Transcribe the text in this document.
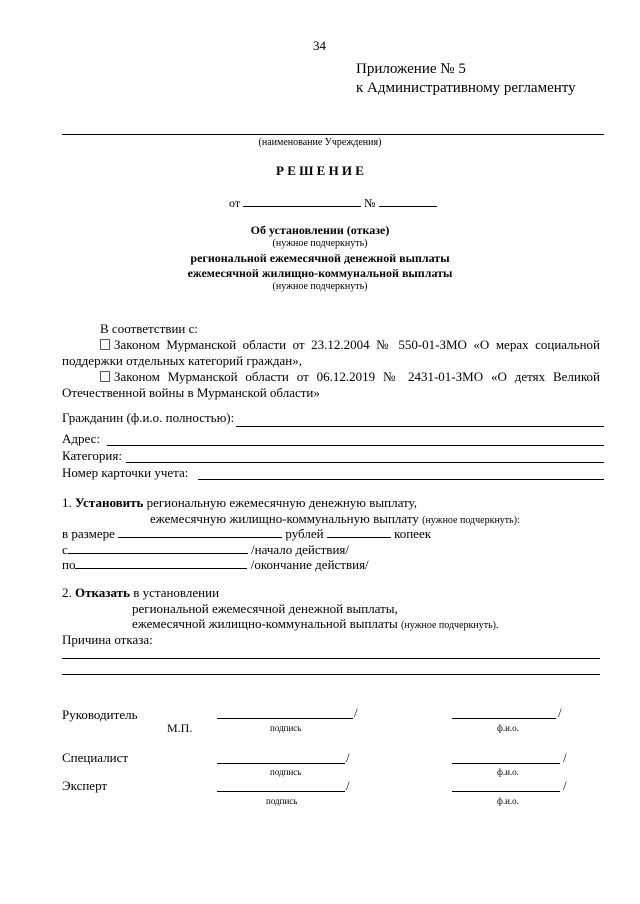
34
Приложение № 5
к Административному регламенту
(наименование Учреждения)
Р Е Ш Е Н И Е
от	№
Об установлении (отказе)
(нужное подчеркнуть)
региональной ежемесячной денежной выплаты
ежемесячной жилищно-коммунальной выплаты
(нужное подчеркнуть)
В соответствии с:
Законом Мурманской области от 23.12.2004 № 550-01-ЗМО «О мерах социальной
поддержки отдельных категорий граждан»,
Законом Мурманской области от 06.12.2019 № 2431-01-ЗМО «О детях Великой
Отечественной войны в Мурманской области»
Гражданин (ф.и.о. полностью):
Адрес:
Категория:
Номер карточки учета:
1. Установить региональную ежемесячную денежную выплату,
ежемесячную жилищно-коммунальную выплату (нужное подчеркнуть):
в размере	рублей	копеек
с	/начало действия/
по	/окончание действия/
2. Отказать в установлении
региональной ежемесячной денежной выплаты,
ежемесячной жилищно-коммунальной выплаты (нужное подчеркнуть).
Причина отказа:
Руководитель	/	/
М.П.	подпись	ф.и.о.
Специалист	/	/
подпись	ф.и.о.
Эксперт	/	/
подпись	ф.и.о.
